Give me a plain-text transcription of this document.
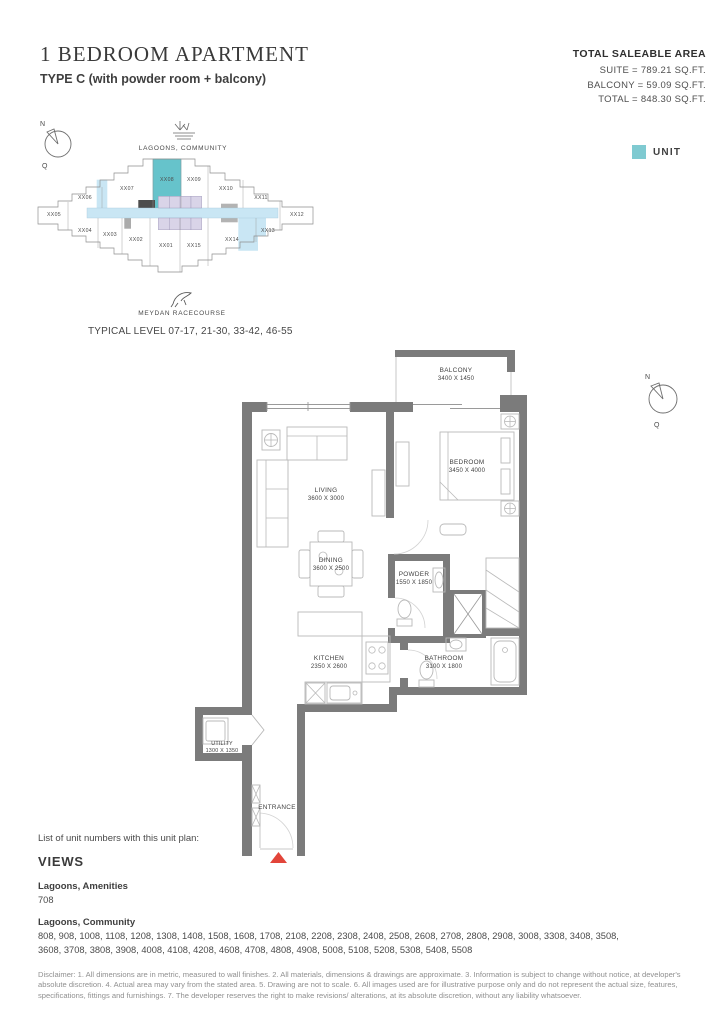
1 BEDROOM APARTMENT
TYPE C (with powder room + balcony)
TOTAL SALEABLE AREA
SUITE = 789.21 SQ.FT.
BALCONY = 59.09 SQ.FT.
TOTAL = 848.30 SQ.FT.
UNIT
N
Q
LAGOONS, COMMUNITY
XX05
XX06
XX07
XX08	XX09
XX10
XX11
XX12
XX13
XX14
XX15
XX01
XX02
XX03
XX04
MEYDAN RACECOURSE
TYPICAL LEVEL 07-17, 21-30, 33-42, 46-55
BALCONY
3400 X 1450
BEDROOM
3450 X 4000
LIVING
3600 X 3000
DINING
3600 X 2500
POWDER
1550 X 1850
KITCHEN
2350 X 2600
BATHROOM
3100 X 1800
UTILITY
1300 X 1350
ENTRANCE
N
Q
List of unit numbers with this unit plan:
VIEWS
Lagoons, Amenities
708
Lagoons, Community
808, 908, 1008, 1108, 1208, 1308, 1408, 1508, 1608, 1708, 2108, 2208, 2308, 2408, 2508, 2608, 2708, 2808, 2908, 3008, 3308, 3408, 3508, 3608, 3708, 3808, 3908, 4008, 4108, 4208, 4608, 4708, 4808, 4908, 5008, 5108, 5208, 5308, 5408, 5508
Disclaimer: 1. All dimensions are in metric, measured to wall finishes. 2. All materials, dimensions & drawings are approximate. 3. Information is subject to change without notice, at developer's absolute discretion. 4. Actual area may vary from the stated area. 5. Drawing are not to scale. 6. All images used are for illustrative purpose only and do not represent the actual size, features, specifications, fittings and furnishings. 7. The developer reserves the right to make revisions/ alterations, at its absolute discretion, without any liability whatsoever.
